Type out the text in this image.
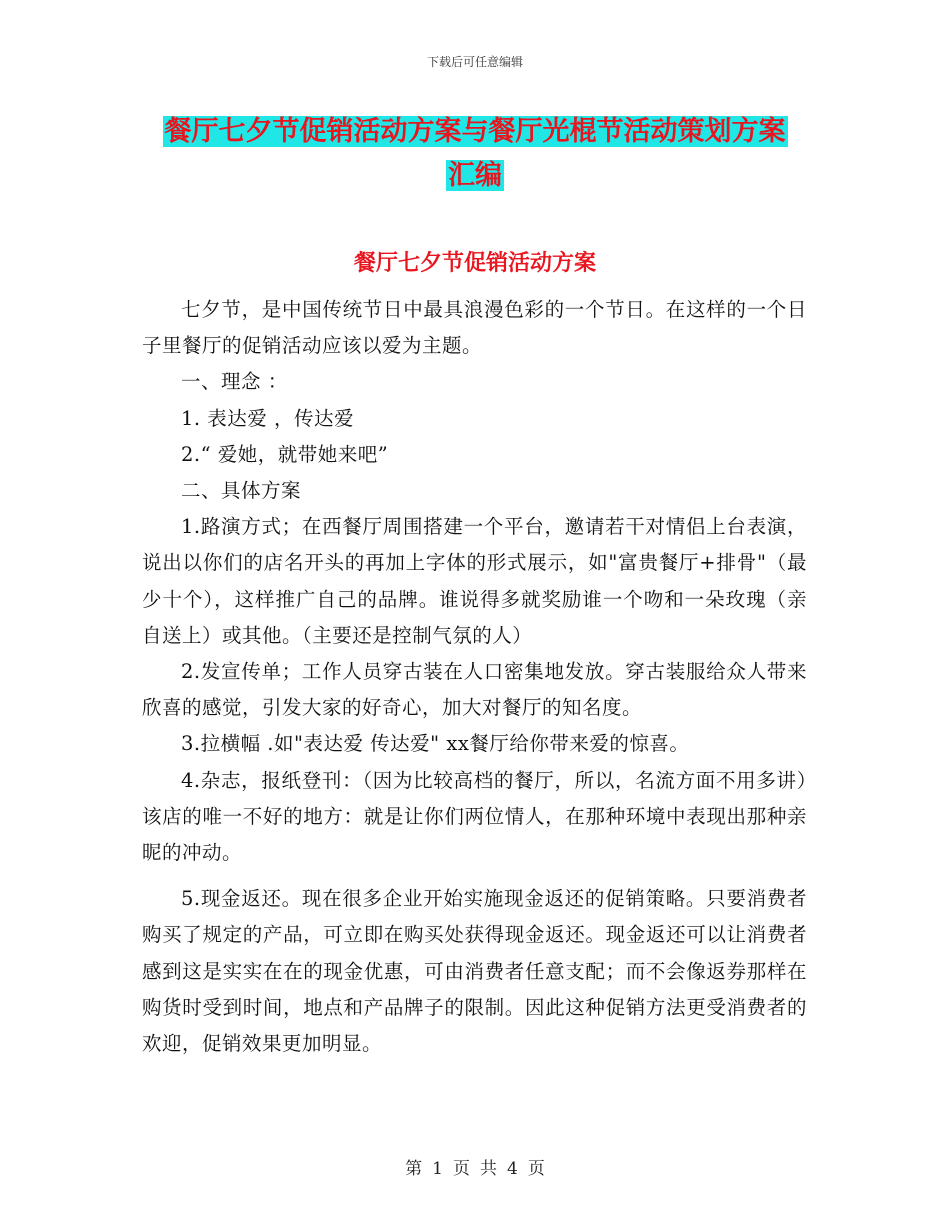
下载后可任意编辑
餐厅七夕节促销活动方案与餐厅光棍节活动策划方案
汇编
餐厅七夕节促销活动方案

七夕节，是中国传统节日中最具浪漫色彩的一个节日。在这样的一个日子里餐厅的促销活动应该以爱为主题。

一、理念 ：

1. 表达爱 ，传达爱

2.“ 爱她，就带她来吧”

二、具体方案

1.路演方式；在西餐厅周围搭建一个平台，邀请若干对情侣上台表演，说出以你们的店名开头的再加上字体的形式展示，如"富贵餐厅+排骨"（最少十个），这样推广自己的品牌。谁说得多就奖励谁一个吻和一朵玫瑰（亲自送上）或其他。（主要还是控制气氛的人）

2.发宣传单；工作人员穿古装在人口密集地发放。穿古装服给众人带来欣喜的感觉，引发大家的好奇心，加大对餐厅的知名度。

3.拉横幅 .如"表达爱 传达爱" xx餐厅给你带来爱的惊喜。

4.杂志，报纸登刊：（因为比较高档的餐厅，所以，名流方面不用多讲）该店的唯一不好的地方：就是让你们两位情人，在那种环境中表现出那种亲昵的冲动。

5.现金返还。现在很多企业开始实施现金返还的促销策略。只要消费者购买了规定的产品，可立即在购买处获得现金返还。现金返还可以让消费者感到这是实实在在的现金优惠，可由消费者任意支配；而不会像返券那样在购货时受到时间，地点和产品牌子的限制。因此这种促销方法更受消费者的欢迎，促销效果更加明显。

第 1 页 共 4 页
